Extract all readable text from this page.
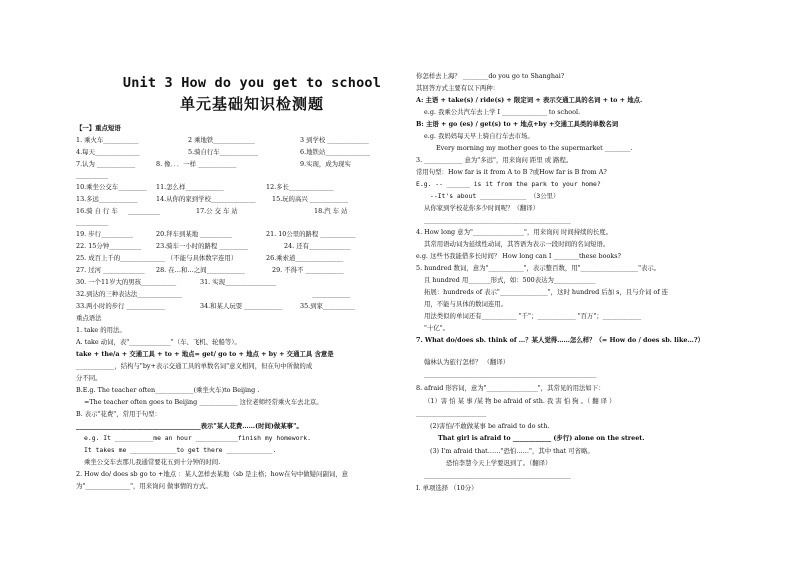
Unit 3 How do you get to school
单元基础知识检测题
【一】重点短语
1. 乘火车___________	2 乘地铁_____________	3 到学校 _____________
4.每天______________	5.骑自行车____________	6.地铁站______________
7.认为 ____________	8. 像．．．一样 ____________	9.实现，成为现实
__________
10.乘坐公交车_________ 11.怎么样____________	12.多长______________
13.多远____________	14.从你的家到学校______________	15.玩的高兴 ____________
16.骑 自 行 车 __________	17.公 交 车 站	18.汽 车 站
__________
19. 步行__________	20.拜车到某地 __________	21. 10公里的路程 ___________
22. 15分钟__________ 23.骑车一小时的路程 _________	24. 还有_____________
25. 成百上千的______________ （不能与具体数字连用）	26.乘索道_______________
27. 过河 _____________ 28. 在…和…之间____________	29. 不得不 ____________
30. 一个11岁大的男孩___________	31. 实现________________
32.到达的三种表达法______________	____________
33.两小时的步行 ____________	34.和某人玩耍 ____________	35.到家__________
重点语法
1. take 的用法。
A. take 动词，表"_____________"（车、飞机、轮船等）。
take + the/a + 交通工具 + to + 地点= get/ go to + 地点 + by + 交通工具 含意是
____________，结构与"by+表示交通工具的单数名词"意义相同，但在句中所做的成
分不同。
B.E.g. The teacher often____________(乘坐火车)to Beijing .
=The teacher often goes to Beijing ____________ 这位老师经常乘火车去北京。
B. 表示"花费"，常用于句型：
_______________________________________表示"某人花费……(时间)做某事"。
e.g. It __________me an hour ___________finish my homework.
It takes me ____________to get there ____________.
乘坐公交车去那儿我通常要花五到十分钟的时间.
2. How do/ does sb go to +地点 ：某人怎样去某地（sb 是主格；how在句中做疑问副词，意
为"______________"，用来询问 做事情的方式。
你怎样去上海？ ________do you go to Shanghai?
其回答方式主要有以下两种：
A: 主语 + take(s) / ride(s) + 限定词 + 表示交通工具的名词 + to + 地点.
e.g. 我乘公共汽车去上学 I ______________ to school.
B: 主语 + go (es) / get(s) to + 地点+by +交通工具类的单数名词
e.g. 我妈妈每天早上骑自行车去市场。
Every morning my mother goes to the supermarket ________.
3. ____________ 意为"多远"，用来询问 距里 或 路程。
常用句型：How far is it from A to B ?或How far is B from A?
E.g. -- ______ is it from the park to your home?
--It's about ____________ （3公里）
从你家到学校花你多少时间呢？（翻译）
______________________________________________
4. How long 意为"________________"，用来询问 时间持续的长度。
其常用语动词为延续性动词，其答语为表示一段时间的名词短语。
e.g. 这些书我能借多长时间？ How long can I ________these books?
5. hundred 数词，意为"___________"，表示整百数，用"__________________"表示。
且 hundred 用_______形式，如：500表达为_____________
拓展：hundreds of 表示"_______________"，这时 hundred 后加 s，且与介词 of 连
用，不能与具体的数词连用。
用法类似的单词还有___________ "千"；____________ "百万"；____________
"十亿"。
7. What do/does sb. think of …？某人觉得……怎么样？（= How do / does sb. like…?）
翰林认为旅行怎样？ （翻译）
______________________________________________________
8. afraid 形容词，意为"________________"，其常见的用法如下：
（1）害 怕 某 事 /某 物 be afraid of sth. 我 害 怕 狗 。（ 翻 译 ）
______________________
(2)害怕/不敢做某事 be afraid to do sth.
That girl is afraid to ____________ (步行) alone on the street.
(3) I'm afraid that……"恐怕……"，其中 that 可省略。
恐怕李慧今天上学要迟到了。（翻译）
______________________________________________
I. 单项选择 （10分）
